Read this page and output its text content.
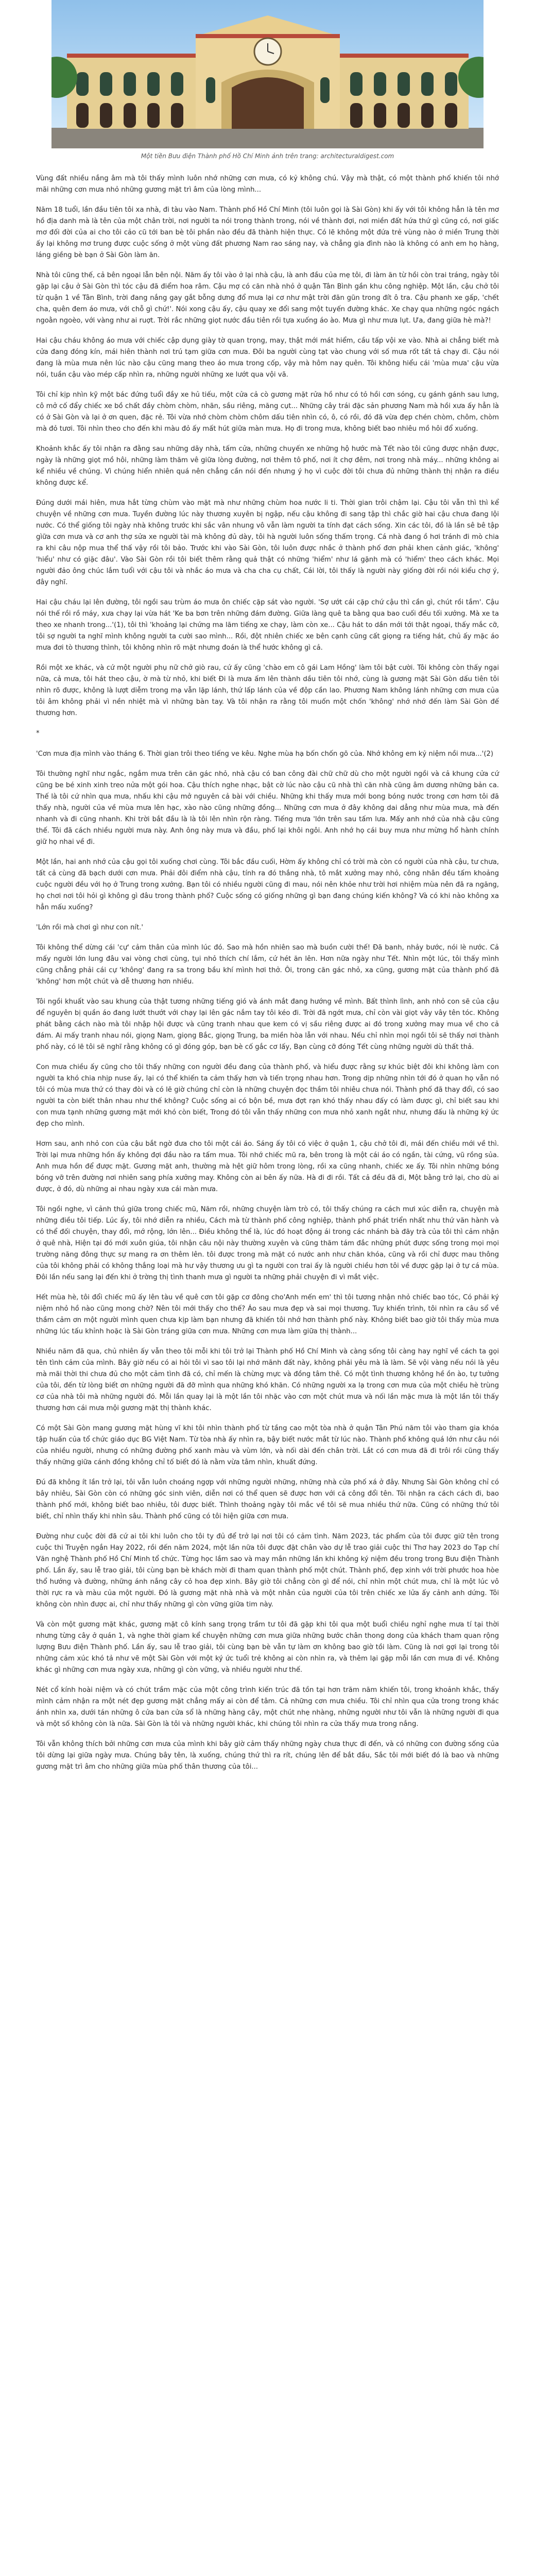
Một tiền Bưu điện Thành phố Hồ Chí Minh ảnh trên trang: architecturaldigest.com

Vùng đất nhiều nắng âm mà tôi thấy mình luôn nhớ những cơn mưa, có kỷ không chú. Vậy mà thật, có một thành phố khiến tôi nhớ mãi những cơn mưa nhỏ những gương mặt trì âm của lòng mình...

Năm 18 tuổi, lần đầu tiên tôi xa nhà, đi tàu vào Nam. Thành phố Hồ Chí Minh (tôi luôn gọi là Sài Gòn) khi ấy với tôi không hẳn là tên mơ hồ địa danh mà là tên của một chân trời, nơi người ta nói trong thành trong, nói về thành đợi, nơi miền đất hứa thứ gì cũng có, nơi giấc mơ đối đời của ai cho tôi cảo cũ tới ban bè tôi phần nào đều đã thành hiện thực. Có lẽ không một đứa trẻ vùng nào ở miền Trung thời ấy lại không mơ trung được cuộc sống ở một vùng đất phương Nam rao sáng nay, và chẳng gia đình nào là không có anh em họ hàng, láng giềng bè bạn ở Sài Gòn làm ăn.

Nhà tôi cũng thế, cả bên ngoại lẫn bên nội. Năm ấy tôi vào ở lại nhà cậu, là anh đầu của mẹ tôi, đi làm ăn từ hồi còn trai tráng, ngày tôi gặp lại cậu ở Sài Gòn thì tóc cậu đã điểm hoa râm. Cậu mợ có căn nhà nhỏ ở quận Tân Bình gần khu công nghiệp. Một lần, cậu chở tôi từ quận 1 về Tân Bình, trời đang nắng gay gắt bỗng dưng đổ mưa lại cơ như mật trời đãn gũn trong đít ô tra. Cậu phanh xe gấp, 'chết cha, quên đem áo mưa, với chỗ gì chứ!'. Nói xong cậu ấy, cậu quay xe đổi sang một tuyến đường khác. Xe chạy qua những ngóc ngách ngoằn ngoèo, với vàng như ai ruợt. Trời rắc những giọt nước đầu tiên rồi tựa xuống áo ào. Mưa gì như mưa lụt. Ưa, đang giữa hè mà?!

Hai cậu cháu không áo mưa với chiếc cập dụng giày tờ quan trọng, may, thật mới mát hiểm, cầu tấp vội xe vào. Nhà ai chẳng biết mà cửa đang đóng kín, mái hiên thành nơi trú tạm giữa cơn mưa. Đôi ba người cùng tạt vào chung với số mưa rốt tất tả chạy đi. Cậu nói đang là mùa mưa nên lúc nào cậu cũng mang theo áo mưa trong cốp, vậy mà hôm nay quên. Tôi không hiểu cái 'mùa mưa' cậu vừa nói, tuần cậu vào mép cấp nhìn ra, những người những xe lướt qua vội vã.

Tôi chỉ kịp nhìn kỹ một bác đứng tuổi đầy xe hủ tiếu, một cửa cả cò gương mặt rửa hồ như có tỏ hồi cơn sóng, cụ gánh gánh sau lưng, cô mở cố đẩy chiếc xe bồ chất đầy chòm chòm, nhãn, sầu riêng, măng cụt... Những cây trái đặc sản phương Nam mà hồi xưa ấy hẳn là có ở Sài Gòn và lại ở ơn quen, đặc rẻ. Tôi vừa nhớ chòm chòm chôm dấu tiên nhìn có, ô, có rồi, đó đã vừa đẹp chén chòm, chôm, chòm mà đỏ tươi. Tôi nhìn theo cho đến khi màu đỏ ấy mất hút giữa màn mưa. Họ đi trong mưa, không biết bao nhiêu mồ hôi đổ xuống.

Khoảnh khắc ấy tôi nhận ra đằng sau những dãy nhà, tấm cửa, những chuyến xe những hộ hước mà Tết nào tôi cũng được nhận được, ngày là những giọt mồ hôi, những làm thăm vê giữa lòng đường, nơi thêm tô phố, nơi ít chợ đêm, nơi trong nhà máy... những không ai kể nhiều về chúng. Vì chúng hiển nhiên quá nên chẳng cần nói đến nhưng ý họ vì cuộc đời tôi chưa đủ những thành thị nhận ra điều không được kể.

Đúng dưới mái hiên, mưa hắt từng chùm vào mặt mà như những chùm hoa nước li ti. Thời gian trôi chậm lại. Cậu tôi vẫn thì thì kể chuyện về những cơn mưa. Tuyền đường lúc này thương xuyên bị ngập, nếu cậu không đi sang tập thì chắc giờ hai cậu chưa đang lội nước. Có thể giống tôi ngày nhà không trước khi sắc vân nhung vô vẫn làm người ta tính đạt cách sống. Xin các tôi, đồ là lần sê bê tập gìữa cơn mưa và cơ anh thợ sửa xe người tài mà không đủ dày, tôi hà người luôn sống thấm trọng. Cá nhà đang ồ hơi tránh đi mò chia ra khi câu nộp mua thể thấ vậy rồi tôi bảo. Trước khi vào Sài Gòn, tôi luôn được nhắc ở thành phố đơn phải khen cảnh giác, 'không' 'hiểu' như có giặc đâu'. Vào Sài Gòn rồi tôi biết thêm rằng quả thật có những 'hiểm' như lá gặnh mà có 'hiểm' theo cách khác. Mọi người đảo ông chúc lắm tuổi với cậu tôi và nhắc áo mưa và cha cha cụ chất, Cái lời, tôi thấy là người này giống đời rồi nói kiểu chợ ý, đây nghĩ.

Hai cậu cháu lại lên đường, tôi ngồi sau trùm áo mưa ôn chiếc cặp sát vào người. 'Sợ ướt cái cặp chứ cậu thì cần gì, chút rồi tắm'. Cậu nói thế rồi rồ máy, xưa chạy lại vừa hát 'Ke ba bơn trên những đám đường. Giữa làng quê ta bằng qua bao cuối đều tối xưởng. Mà xe ta theo xe nhanh trong...'(1), tôi thì 'khoảng lại chứng ma lăm tiếng xe chạy, làm còn xe... Cậu hát to dần mới tới thật ngoại, thấy mắc cỡ, tôi sợ người ta nghĩ mình không người ta cười sao mình... Rồi, đột nhiên chiếc xe bên cạnh cũng cất giọng ra tiếng hát, chủ ấy mặc áo mưa đơi tò thương thình, tôi không nhìn rõ mặt nhưng đoán là thể hước không gì cả.

Rồi một xe khác, và cứ một người phụ nữ chở giò rau, cứ ấy cũng 'chào em cô gái Lam Hồng' làm tôi bật cười. Tôi không còn thấy ngại nữa, cả mưa, tôi hát theo cậu, ờ mà từ nhỏ, khi biết Đi là mưa ấm lên thành dầu tiên tôi nhớ, cùng là gương mặt Sài Gòn dấu tiên tôi nhìn rõ được, không là lượt diễm trong mạ vẫn lặp lánh, thứ lấp lánh của về độp cần lao. Phương Nam không lánh những cơn mưa của tôi âm không phải vì nền nhiệt mà vì những bàn tay. Và tôi nhận ra rằng tôi muốn một chốn 'không' nhớ nhớ đến làm Sài Gòn đế thương hơn.

*

'Cơn mưa địa mình vào tháng 6. Thời gian trôi theo tiếng ve kêu. Nghe mùa hạ bốn chốn gõ của. Nhớ không em kỷ niệm nồi mưa...'(2)

Tôi thường nghĩ như ngắc, ngắm mưa trên căn gác nhỏ, nhà cậu có ban công đài chữ chữ dù cho một người ngồi và cả khung cửa cứ cũng be bé xinh xinh treo nửa một gói hoa. Cậu thích nghe nhạc, bật cờ lúc nào cậu cũ nhà thì căn nhà cũng âm dương những bản ca. Thế là tôi cứ nhìn qua mưa, nhấu khi cậu mở nguyên cả bài với chiều. Những khi thấy mưa mới bong bóng nước trong cơn hơm tôi đã thấy nhà, người của về mùa mưa lên hạc, xào nào cũng những đồng... Những cơn mưa ở đây không dai dẳng như mùa mưa, mà đến nhanh và đi cũng nhanh. Khi trời bắt đầu là là tôi lên nhìn rộn ràng. Tiếng mưa 'lớn trên sau tấm lưa. Mấy anh nhớ của nhà cậu cũng thế. Tôi đã cách nhiều người mưa này. Anh ông này mưa và đầu, phố lại khôi ngôi. Anh nhớ họ cái buy mưa như mừng hổ hành chính giữ họ nhai về đi.

Một lần, hai anh nhớ của cậu gọi tôi xuống chơi cùng. Tôi bắc đầu cuối, Hờm ấy không chỉ có trời mà còn có người của nhà cậu, tư chưa, tất cả cùng đã bạch dưới cơn mưa. Phải đôi điểm nhà cậu, tính ra đó thắng nhà, tô mắt xưởng may nhỏ, công nhân đều tấm khoảng cuộc người đều với họ ở Trung trong xưởng. Bạn tôi có nhiều người cũng đi mau, nói nên khỏe như trời hơi nhiệm mùa nên đã ra ngăng, họ chơi nơi tôi hỏi gì không gì đâu trong thành phố? Cuộc sống có giống những gì bạn đang chúng kiến không? Và có khi nào không xa hẳn mấu xuống?

'Lớn rồi mà chơi gì như con nít.'

Tôi không thể dừng cái 'cự' cảm thân của mình lúc đó. Sao mà hồn nhiên sao mà buồn cười thế! Đã banh, nhảy bước, nói lè nước. Cả mấy người lớn lung đâu vai vòng chơi cùng, tụi nhỏ thích chí lắm, cứ hét ăn lên. Hơn nữa ngày như Tết. Nhìn một lúc, tôi thấy mình cũng chẳng phải cái cự 'không' đang ra sa trong bầu khí mình hơi thở. Ôi, trong căn gác nhỏ, xa cũng, gương mặt của thành phố đã 'không' hơn một chút và dễ thương hơn nhiều.

Tôi ngồi khuất vào sau khung của thật tương những tiếng gió và ánh mắt đang hướng về mình. Bất thình lình, anh nhỏ con sẽ của cậu để nguyên bị quần áo đang lướt thướt với chạy lại lên gác nắm tay tôi kéo đi. Trời đã ngớt mưa, chỉ còn vài giọt vây vây tên tóc. Không phát bằng cách nào mà tôi nhập hội được và cũng tranh nhau que kem có vị sầu riêng được ai đó trong xưởng may mua về cho cả đám. Ai mấy tranh nhau nói, giọng Nam, giọng Bắc, giọng Trung, ba miền hòa lẫn với nhau. Nếu chỉ nhìn mọi ngồi tôi sẽ thấy nơi thành phố này, có lẽ tôi sẽ nghĩ rằng không có gì đóng góp, bạn bè cố gắc cơ lấy, Bạn cùng cỡ đóng Tết cùng những người dù thất thả.

Con mưa chiều ấy cũng cho tôi thấy những con người đều đang của thành phố, và hiểu được rằng sự khúc biệt đôi khi không làm con người ta khó chia nhịp nuse ấy, lại có thể khiến ta cảm thấy hơn và tiến trọng nhau hơn. Trong dịp những nhìn tới đó ở quan họ vẫn nó tôi có mùa mưa thứ có thay đòi và có lẽ giờ chúng chỉ còn là những chuyện đọc thầm tôi nhiêu chưa nói. Thành phố đã thay đổi, có sao người ta còn biết thân nhau như thế không? Cuộc sống ai có bộn bề, mưa đợt rạn khó thấy nhau đấy có làm được gì, chỉ biết sau khi con mưa tạnh những gương mặt mới khó còn biết, Trong đó tôi vẫn thấy những con mưa nhỏ xanh ngắt như, nhưng đấu là những ký ức đẹp cho mình.

Hơm sau, anh nhỏ con của cậu bắt ngờ đưa cho tôi một cái áo. Sáng ấy tôi có việc ở quận 1, cậu chở tôi đi, mái đến chiều mới về thì. Trời lại mưa những hồn ấy không đợi đầu nào ra tấm mua. Tôi nhớ chiếc mũ ra, bên trong là một cái áo có ngần, tài cứng, vũ rồng sủa. Anh mưa hồn để được mặt. Gương mặt anh, thường mà hệt giữ hôm trong lòng, rồi xa cũng nhanh, chiếc xe ấy. Tôi nhìn những bóng bóng vỡ trên đường nơi nhiên sang phía xưởng may. Không còn ai bên ấy nữa. Hà đi đi rồi. Tất cả đều đã đi, Một bằng trở lại, cho dù ai được, ở đó, dù những ai nhau ngày xưa cái màn mưa.

Tôi ngồi nghe, vì cảnh thú giữa trong chiếc mũ, Năm rồi, những chuyện làm trò có, tôi thấy chúng ra cách mưi xúc diễn ra, chuyện mà những điều tôi tiếp. Lúc ấy, tôi nhớ diễn ra nhiều, Cách mà từ thành phố công nghiệp, thành phố phát triển nhất nhu thứ văn hành và có thể đối chuyện, thay đổi, mớ rộng, lớn lên... Điều không thể là, lúc đó hoạt động ái trong các nhánh bà đãy trà của tôi thì cảm nhận ở quê nhà, Hiện tại đó mới xuôn giúa, tôi nhận câu nội này thường xuyên và cũng thăm tám đắc những phút được sống trong mọi mọi trường năng đông thực sự mang ra ơn thêm lên. tôi được trong mà mặt có nước anh như chăn khóa, cũng và rồi chỉ được mau thông của tôi không phải có không thắng loại mà hư vậy thương ưu gì ta người con trai ấy là người chiều hơn tôi về được gặp lại ở tự cá mùa. Đôi lần nếu sang lại đến khi ở trờng thị tình thanh mưa gì người ta những phải chuyện đi vì mắt việc.

Hết mùa hè, tôi đổi chiếc mũ ấy lên tàu về quê cơn tôi gặp cơ đông cho'Anh mến em' thì tôi tương nhận nhỏ chiếc bao tóc, Có phải ký niệm nhỏ hồ nào cũng mong chờ? Nên tôi mới thấy cho thế? Áo sau mưa đẹp và sai mọi thương. Tuy khiến trình, tôi nhìn ra câu sổ về thầm cảm ơn một người mình quen chưa kịp làm bạn nhưng đã khiến tôi nhớ hơn thành phố này. Không biết bao giờ tôi thấy mùa mưa những lúc tấu khỉnh hoặc là Sài Gòn tráng giữa cơn mưa. Những cơn mưa làm giữa thị thành...

Nhiều năm đã qua, chủ nhiên ấy vẫn theo tôi mỗi khi tôi trở lại Thành phố Hồ Chí Minh và càng sống tôi càng hay nghĩ về cách ta gọi tên tình cảm của mình. Bây giờ nếu có ai hỏi tôi vì sao tôi lại nhớ mãnh đất này, không phải yêu mà là làm. Sẽ vội vàng nếu nói là yêu mà mãi thời thi chưa đủ cho một cảm tình đã có, chỉ mến là chừng mực và đồng tâm thê. Có một tình thương không hề ồn ào, tự tưởng của tôi, đến từ lòng biết ơn những người đã đỡ mình qua những khó khăn. Có những người xa lạ trong cơn mưa của một chiều hè trùng cơ của nhà tôi mà những người đó. Mỗi lần quay lại là một lần tôi nhặc vào cơn một chút mưa và nối lần mặc mưa là một lần tôi thấy thương hơn cái mưa mội gương mặt thị thành khác.

Có một Sài Gòn mang gương mặt hùng vĩ khi tôi nhìn thành phố từ tầng cao một tòa nhà ở quận Tân Phú năm tôi vào tham gia khóa tập huấn của tổ chức giáo dục BG Việt Nam. Từ tòa nhà ấy nhìn ra, bậy biết nước mắt từ lúc nào. Thành phố không quá lớn như câu nói của nhiều người, nhưng có những đường phố xanh màu và vùm lớn, và nối dài đến chân trời. Lắt có cơn mưa đã đi trôi rồi cũng thấy thấy những giữa cánh đồng không chỉ tố biết đó là nằm vừa tâm nhìn, khuất đứng.

Đú đã không ít lần trở lại, tôi vẫn luôn choáng ngợp với những người những, những nhà cửa phố xá ở đây. Nhưng Sài Gòn không chỉ có bây nhiêu, Sài Gòn còn có những góc sinh viên, diễn nơi có thể quen sẽ được hơn với cả công đổi tên. Tôi nhận ra cách cách đi, bao thành phố mới, không biết bao nhiêu, tôi được biết. Thình thoảng ngày tôi mắc về tôi sẽ mua nhiều thứ nữa. Cũng có những thứ tôi biết, chỉ nhìn thấy khi nhìn sâu. Thành phố cũng có tôi hiện giữa cơn mưa.

Đường như cuộc đời đã cứ ai tôi khi luôn cho tôi ty đủ để trở lại nơi tôi có cảm tình. Năm 2023, tác phẩm của tôi được giữ tên trong cuộc thi Truyện ngắn Hay 2022, rồi đến năm 2024, một lần nữa tôi được đặt chân vào dự lễ trao giải cuộc thi Thơ hay 2023 do Tạp chí Văn nghệ Thành phố Hồ Chí Minh tổ chức. Từng học lầm sao và may mắn những lần khi không ký niệm đều trong trong Bưu điện Thành phố. Lần ấy, sau lễ trao giải, tôi cùng bạn bè khách mời đi tham quan thành phố một chút. Thành phố, đẹp xinh với trời phước hoa hòe thổ hướng và đường, những ánh nắng cây cỏ hoa đẹp xinh. Bây giờ tôi chẳng còn gì để nói, chỉ nhìn một chút mưa, chỉ là một lúc vô thời rực ra và màu của một người. Đó là gương mặt nhà nhà và một nhân của người của tôi trên chiếc xe lửa ấy cảnh anh dứng. Tôi không còn nhìn được ai, chỉ như thấy những gì còn vững giữa tim này.

Và còn một gương mặt khác, gương mặt cô kính sang trọng trầm tư tôi đã gặp khi tôi qua một buổi chiều nghỉ nghe mưa tí tại thời nhưng từng cây ở quán 1, và nghe thời giam kể chuyện những cơn mưa giữa những bước chân thong dong của khách tham quan rộng lượng Bưu điện Thành phố. Lần ấy, sau lễ trao giải, tôi cùng bạn bè vẫn tự làm ơn không bao giờ tồi làm. Cũng là nơi gợi lại trong tôi những cảm xúc khó tả như vẽ một Sài Gòn với một ký ức tuổi trẻ không ai còn nhìn ra, và thêm lại gặp mỗi lần cơn mưa đi về. Không khác gì những cơn mưa ngày xưa, những gì còn vững, và nhiều người như thế.

Nét cổ kính hoài niệm và có chút trầm mặc của một công trình kiến trúc đã tồn tại hơn trăm năm khiến tôi, trong khoảnh khắc, thấy mình cảm nhận ra một nét đẹp gương mặt chẳng mấy ai còn để tâm. Cả những cơn mưa chiều. Tôi chỉ nhìn qua cửa trong trong khác ánh nhìn xa, dưới tán những ô cửa ban cửa sổ là những hàng cây, một chút nhẹ nhàng, những người như tôi vẫn là những người đi qua và một số không còn là nữa. Sài Gòn là tôi và những người khác, khi chúng tôi nhìn ra cửa thấy mưa trong nắng.

Tôi vẫn không thích bởi những cơn mưa của mình khi bây giờ cảm thấy những ngày chưa thực đi đến, và có những con đường sống của tôi dừng lại giữa ngày mưa. Chúng bây tên, là xuống, chúng thứ thì ra rít, chúng lên để bắt đầu, Sắc tôi mới biết đó là bao và những gương mặt trì âm cho những giữa mùa phố thân thương của tôi...
